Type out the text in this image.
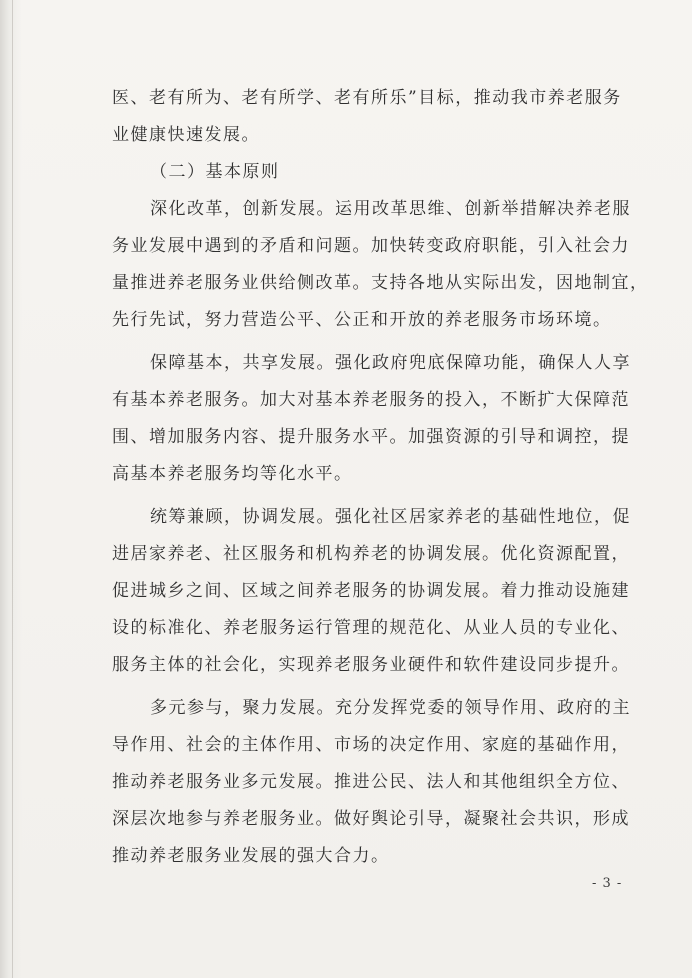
医、老有所为、老有所学、老有所乐”目标，推动我市养老服务
业健康快速发展。
（二）基本原则
深化改革，创新发展。运用改革思维、创新举措解决养老服
务业发展中遇到的矛盾和问题。加快转变政府职能，引入社会力
量推进养老服务业供给侧改革。支持各地从实际出发，因地制宜，
先行先试，努力营造公平、公正和开放的养老服务市场环境。
保障基本，共享发展。强化政府兜底保障功能，确保人人享
有基本养老服务。加大对基本养老服务的投入，不断扩大保障范
围、增加服务内容、提升服务水平。加强资源的引导和调控，提
高基本养老服务均等化水平。
统筹兼顾，协调发展。强化社区居家养老的基础性地位，促
进居家养老、社区服务和机构养老的协调发展。优化资源配置，
促进城乡之间、区域之间养老服务的协调发展。着力推动设施建
设的标准化、养老服务运行管理的规范化、从业人员的专业化、
服务主体的社会化，实现养老服务业硬件和软件建设同步提升。
多元参与，聚力发展。充分发挥党委的领导作用、政府的主
导作用、社会的主体作用、市场的决定作用、家庭的基础作用，
推动养老服务业多元发展。推进公民、法人和其他组织全方位、
深层次地参与养老服务业。做好舆论引导，凝聚社会共识，形成
推动养老服务业发展的强大合力。
- 3 -
